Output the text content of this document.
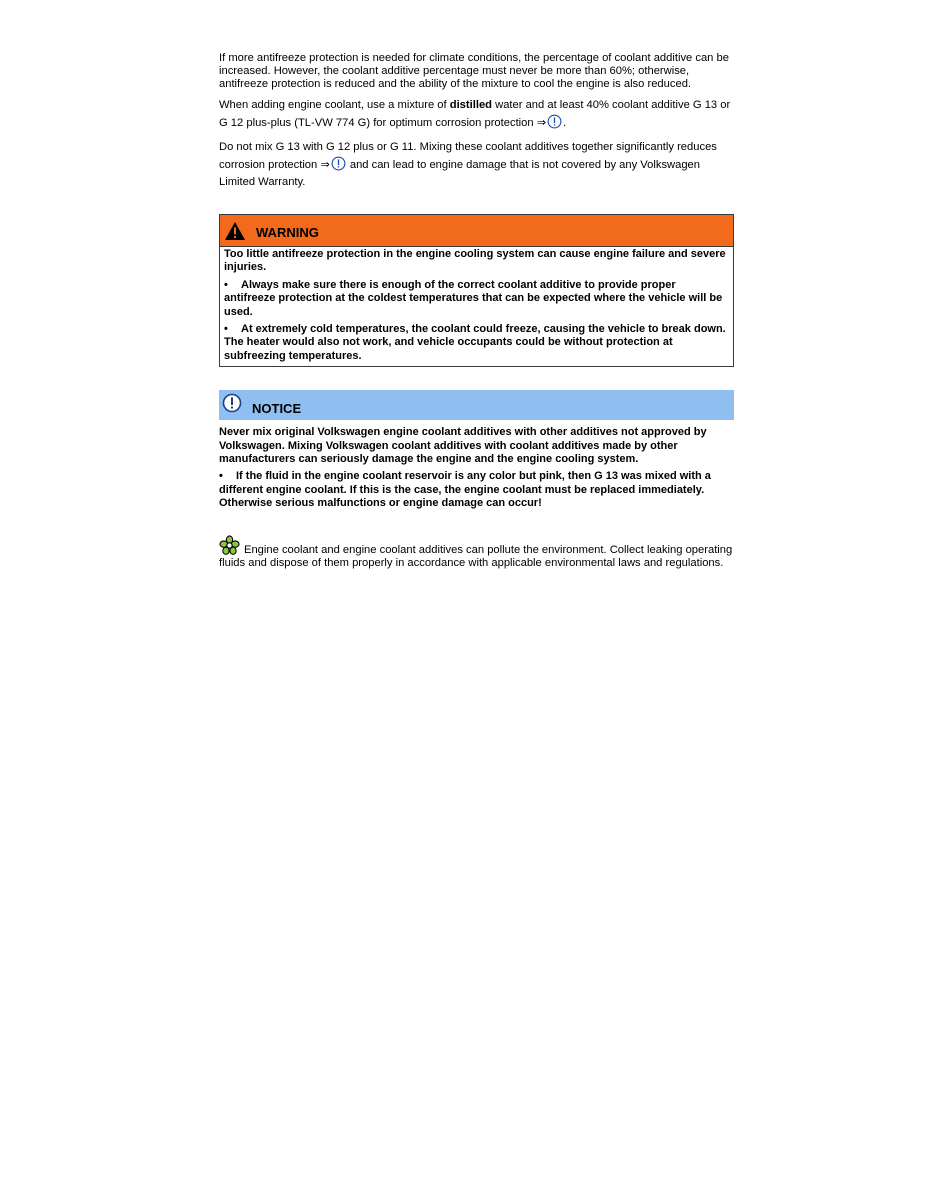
If more antifreeze protection is needed for climate conditions, the percentage of coolant additive can be increased. However, the coolant additive percentage must never be more than 60%; otherwise, antifreeze protection is reduced and the ability of the mixture to cool the engine is also reduced.

When adding engine coolant, use a mixture of distilled water and at least 40% coolant additive G 13 or G 12 plus-plus (TL-VW 774 G) for optimum corrosion protection ⇒ .

Do not mix G 13 with G 12 plus or G 11. Mixing these coolant additives together significantly reduces corrosion protection ⇒ and can lead to engine damage that is not covered by any Volkswagen Limited Warranty.

WARNING

Too little antifreeze protection in the engine cooling system can cause engine failure and severe injuries.

• Always make sure there is enough of the correct coolant additive to provide proper antifreeze protection at the coldest temperatures that can be expected where the vehicle will be used.

• At extremely cold temperatures, the coolant could freeze, causing the vehicle to break down. The heater would also not work, and vehicle occupants could be without protection at subfreezing temperatures.

NOTICE

Never mix original Volkswagen engine coolant additives with other additives not approved by Volkswagen. Mixing Volkswagen coolant additives with coolant additives made by other manufacturers can seriously damage the engine and the engine cooling system.

• If the fluid in the engine coolant reservoir is any color but pink, then G 13 was mixed with a different engine coolant. If this is the case, the engine coolant must be replaced immediately. Otherwise serious malfunctions or engine damage can occur!

Engine coolant and engine coolant additives can pollute the environment. Collect leaking operating fluids and dispose of them properly in accordance with applicable environmental laws and regulations.
